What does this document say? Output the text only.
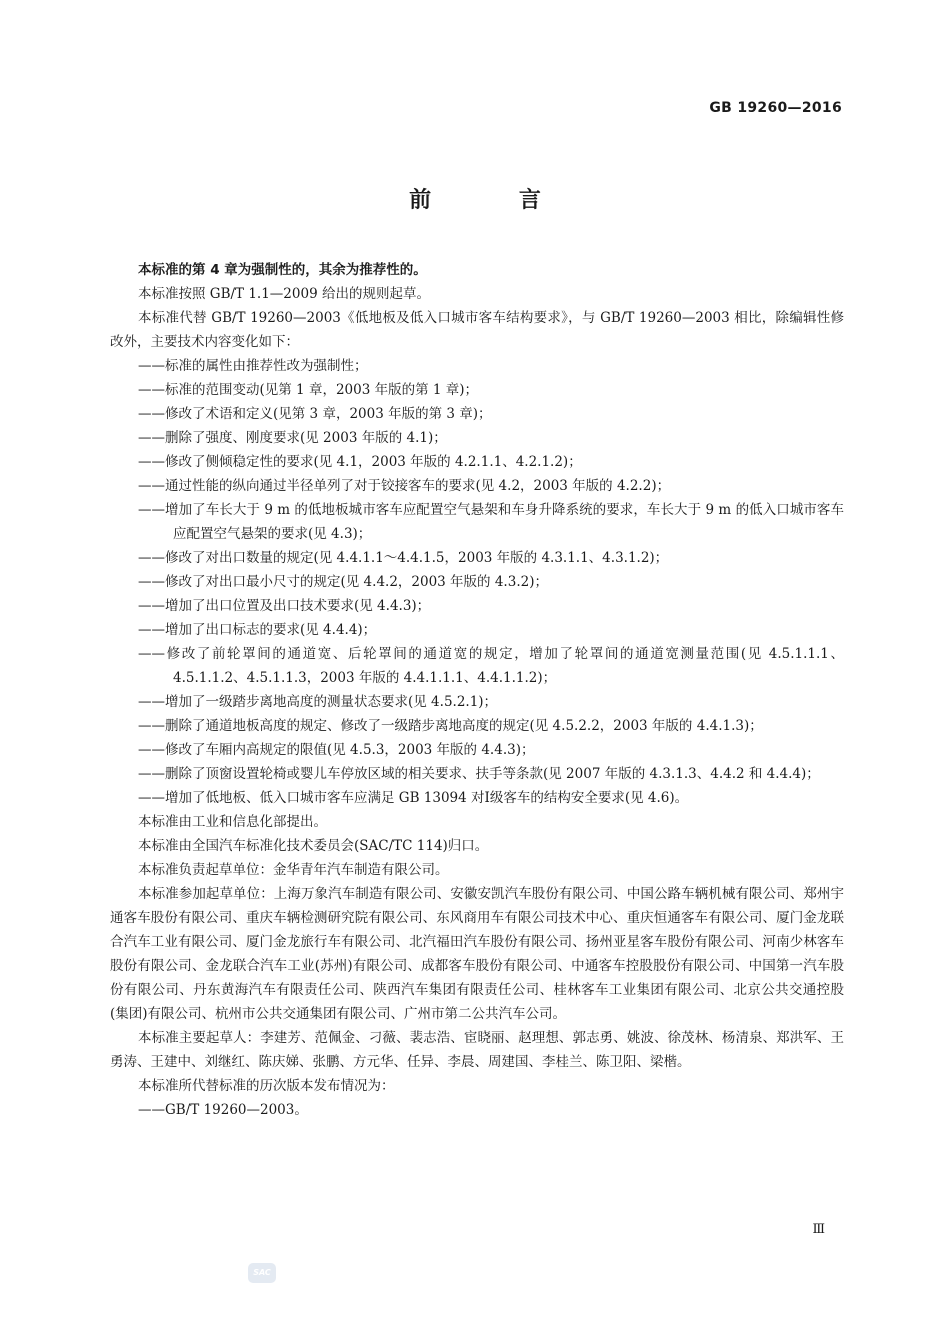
GB 19260—2016
前 言

本标准的第 4 章为强制性的，其余为推荐性的。

本标准按照 GB/T 1.1—2009 给出的规则起草。

本标准代替 GB/T 19260—2003《低地板及低入口城市客车结构要求》，与 GB/T 19260—2003 相比，除编辑性修改外，主要技术内容变化如下：

——标准的属性由推荐性改为强制性；

——标准的范围变动(见第 1 章，2003 年版的第 1 章)；

——修改了术语和定义(见第 3 章，2003 年版的第 3 章)；

——删除了强度、刚度要求(见 2003 年版的 4.1)；

——修改了侧倾稳定性的要求(见 4.1，2003 年版的 4.2.1.1、4.2.1.2)；

——通过性能的纵向通过半径单列了对于铰接客车的要求(见 4.2，2003 年版的 4.2.2)；

——增加了车长大于 9 m 的低地板城市客车应配置空气悬架和车身升降系统的要求，车长大于 9 m 的低入口城市客车应配置空气悬架的要求(见 4.3)；

——修改了对出口数量的规定(见 4.4.1.1～4.4.1.5，2003 年版的 4.3.1.1、4.3.1.2)；

——修改了对出口最小尺寸的规定(见 4.4.2，2003 年版的 4.3.2)；

——增加了出口位置及出口技术要求(见 4.4.3)；

——增加了出口标志的要求(见 4.4.4)；

——修改了前轮罩间的通道宽、后轮罩间的通道宽的规定，增加了轮罩间的通道宽测量范围(见 4.5.1.1.1、4.5.1.1.2、4.5.1.1.3，2003 年版的 4.4.1.1.1、4.4.1.1.2)；

——增加了一级踏步离地高度的测量状态要求(见 4.5.2.1)；

——删除了通道地板高度的规定、修改了一级踏步离地高度的规定(见 4.5.2.2，2003 年版的 4.4.1.3)；

——修改了车厢内高规定的限值(见 4.5.3，2003 年版的 4.4.3)；

——删除了顶窗设置轮椅或婴儿车停放区域的相关要求、扶手等条款(见 2007 年版的 4.3.1.3、4.4.2 和 4.4.4)；

——增加了低地板、低入口城市客车应满足 GB 13094 对Ⅰ级客车的结构安全要求(见 4.6)。

本标准由工业和信息化部提出。

本标准由全国汽车标准化技术委员会(SAC/TC 114)归口。

本标准负责起草单位：金华青年汽车制造有限公司。

本标准参加起草单位：上海万象汽车制造有限公司、安徽安凯汽车股份有限公司、中国公路车辆机械有限公司、郑州宇通客车股份有限公司、重庆车辆检测研究院有限公司、东风商用车有限公司技术中心、重庆恒通客车有限公司、厦门金龙联合汽车工业有限公司、厦门金龙旅行车有限公司、北汽福田汽车股份有限公司、扬州亚星客车股份有限公司、河南少林客车股份有限公司、金龙联合汽车工业(苏州)有限公司、成都客车股份有限公司、中通客车控股股份有限公司、中国第一汽车股份有限公司、丹东黄海汽车有限责任公司、陕西汽车集团有限责任公司、桂林客车工业集团有限公司、北京公共交通控股(集团)有限公司、杭州市公共交通集团有限公司、广州市第二公共汽车公司。

本标准主要起草人：李建芳、范佩金、刁薇、裴志浩、宦晓丽、赵理想、郭志勇、姚波、徐茂林、杨清泉、郑洪军、王勇涛、王建中、刘继红、陈庆娣、张鹏、方元华、任异、李晨、周建国、李桂兰、陈卫阳、梁楷。

本标准所代替标准的历次版本发布情况为：

——GB/T 19260—2003。

Ⅲ
SAC
